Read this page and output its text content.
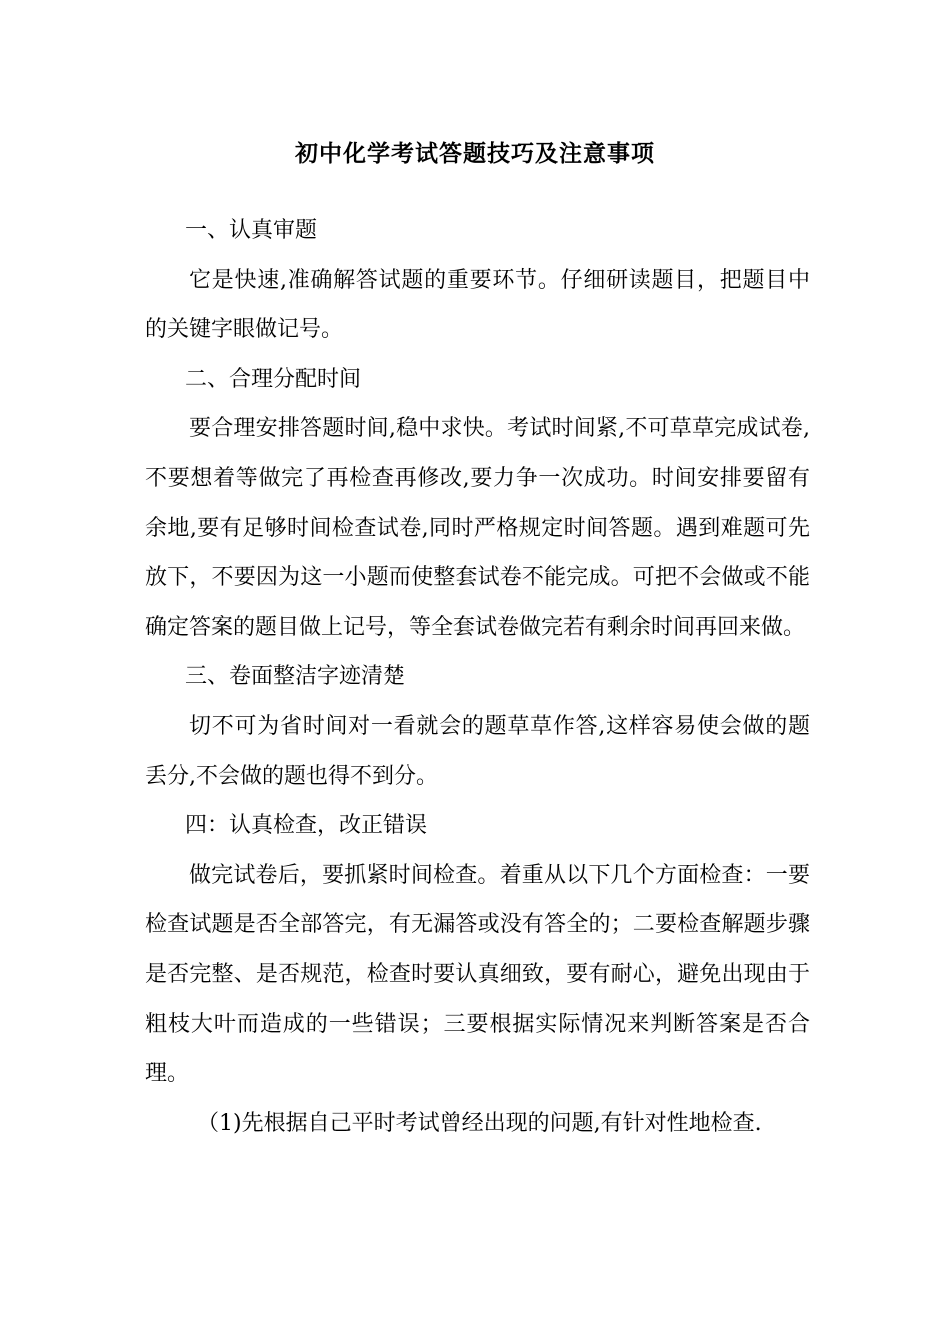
初中化学考试答题技巧及注意事项

一、认真审题

它是快速,准确解答试题的重要环节。仔细研读题目，把题目中的关键字眼做记号。

二、合理分配时间

要合理安排答题时间,稳中求快。考试时间紧,不可草草完成试卷,不要想着等做完了再检查再修改,要力争一次成功。时间安排要留有余地,要有足够时间检查试卷,同时严格规定时间答题。遇到难题可先放下，不要因为这一小题而使整套试卷不能完成。可把不会做或不能确定答案的题目做上记号，等全套试卷做完若有剩余时间再回来做。

三、卷面整洁字迹清楚

切不可为省时间对一看就会的题草草作答,这样容易使会做的题丢分,不会做的题也得不到分。

四：认真检查，改正错误

做完试卷后，要抓紧时间检查。着重从以下几个方面检查：一要检查试题是否全部答完，有无漏答或没有答全的；二要检查解题步骤是否完整、是否规范，检查时要认真细致，要有耐心，避免出现由于粗枝大叶而造成的一些错误；三要根据实际情况来判断答案是否合理。

（1)先根据自己平时考试曾经出现的问题,有针对性地检查.
